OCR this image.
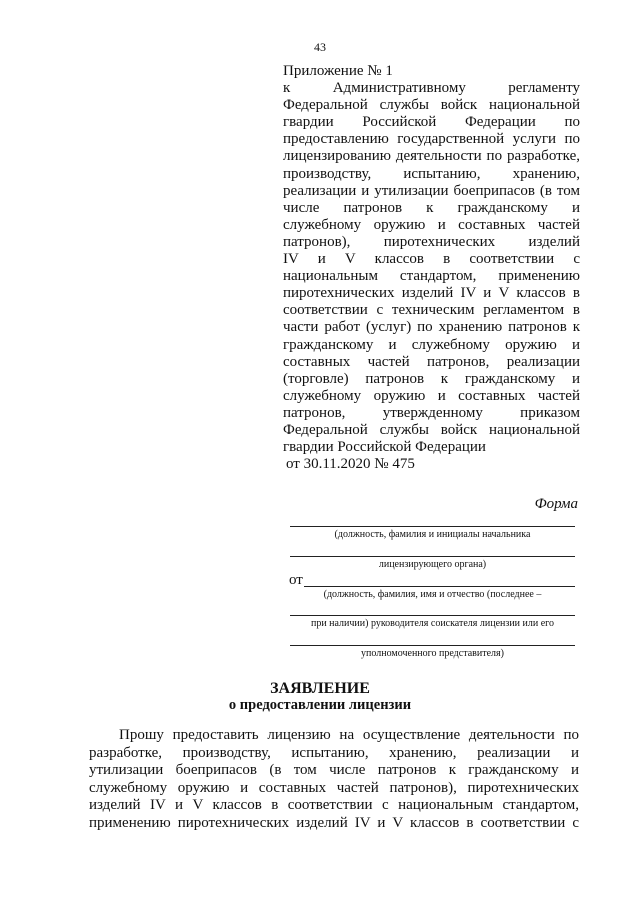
43
Приложение № 1
к Административному регламенту
Федеральной службы войск национальной
гвардии Российской Федерации по
предоставлению государственной услуги по
лицензированию деятельности по разработке,
производству, испытанию, хранению,
реализации и утилизации боеприпасов (в том
числе патронов к гражданскому и
служебному оружию и составных частей
патронов), пиротехнических изделий
IV и V классов в соответствии с
национальным стандартом, применению
пиротехнических изделий IV и V классов в
соответствии с техническим регламентом в
части работ (услуг) по хранению патронов к
гражданскому и служебному оружию и
составных частей патронов, реализации
(торговле) патронов к гражданскому и
служебному оружию и составных частей
патронов, утвержденному приказом
Федеральной службы войск национальной
гвардии Российской Федерации
от 30.11.2020 № 475
Форма
(должность, фамилия и инициалы начальника
лицензирующего органа)
от
(должность, фамилия, имя и отчество (последнее –
при наличии) руководителя соискателя лицензии или его
уполномоченного представителя)
ЗАЯВЛЕНИЕ
о предоставлении лицензии
Прошу предоставить лицензию на осуществление деятельности по
разработке, производству, испытанию, хранению, реализации и
утилизации боеприпасов (в том числе патронов к гражданскому и
служебному оружию и составных частей патронов), пиротехнических
изделий IV и V классов в соответствии с национальным стандартом,
применению пиротехнических изделий IV и V классов в соответствии с
